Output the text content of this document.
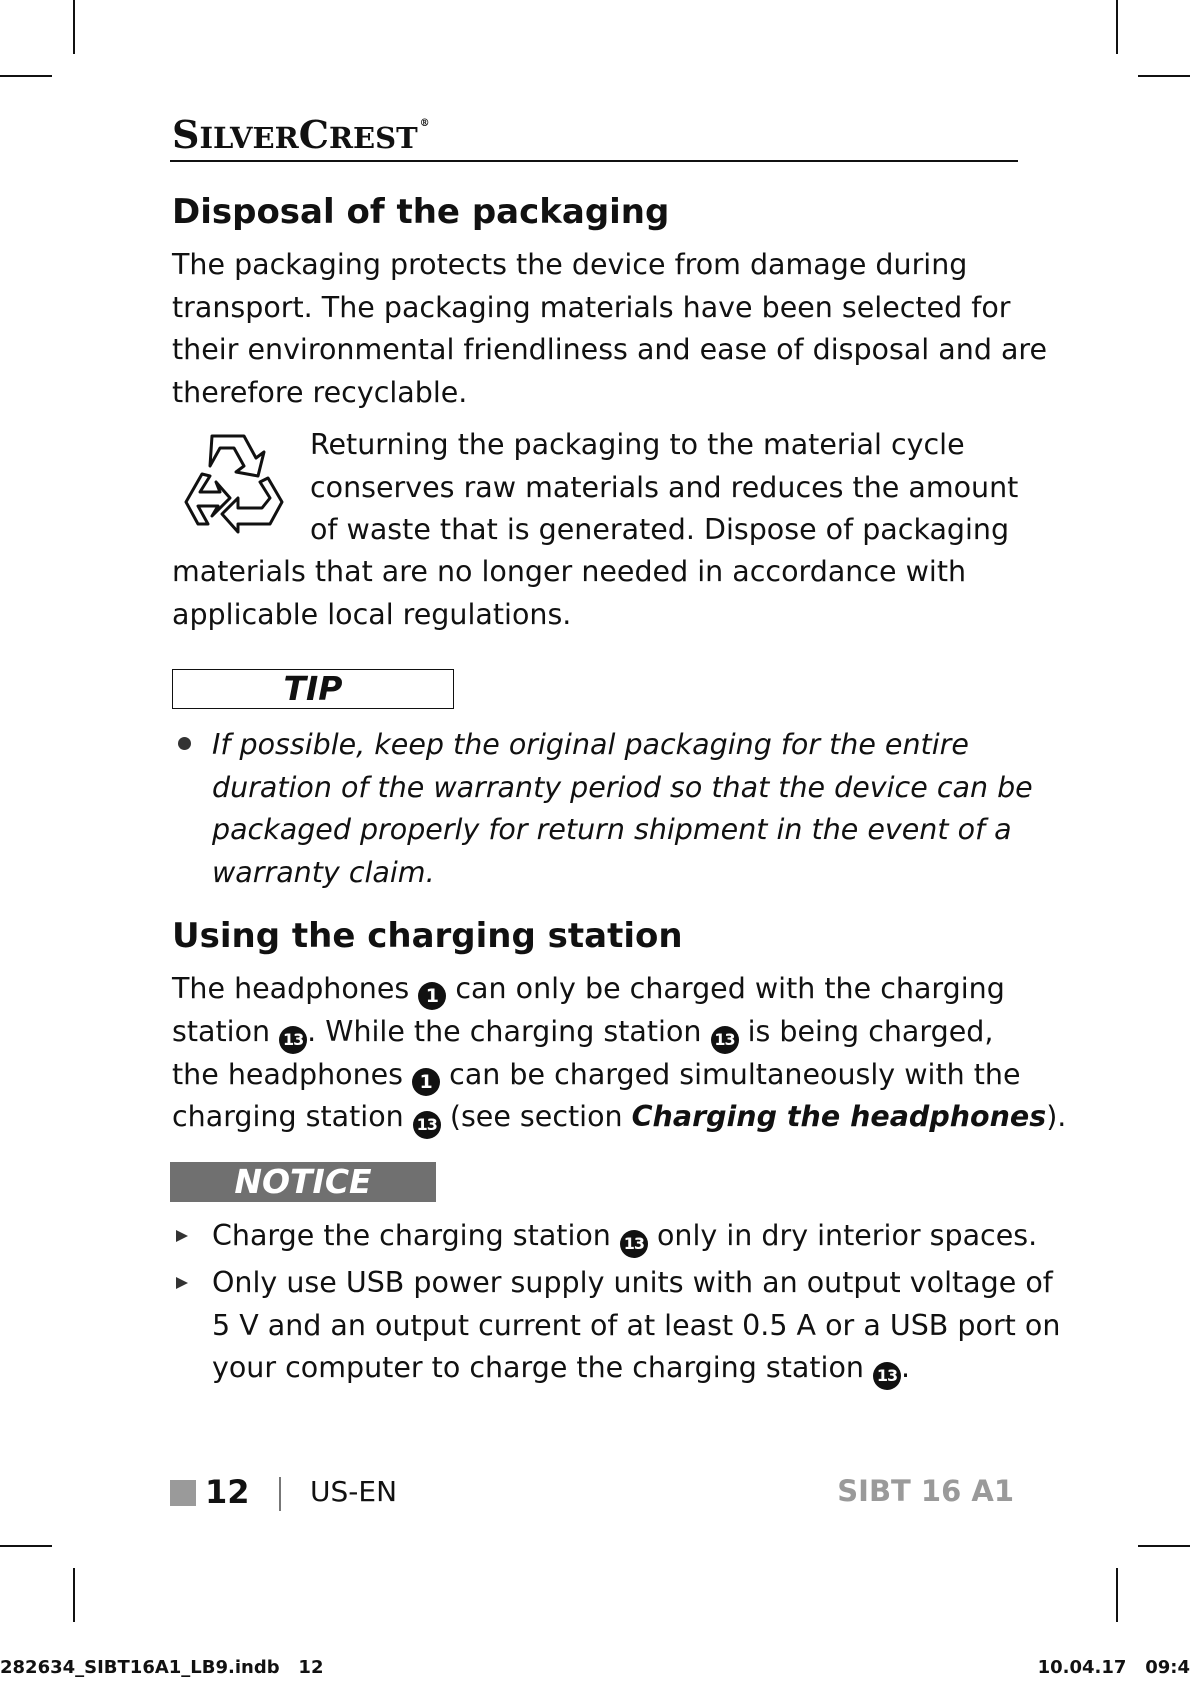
SILVERCREST ®
Disposal of the packaging
The packaging protects the device from damage during
transport. The packaging materials have been selected for
their environmental friendliness and ease of disposal and are
therefore recyclable.
Returning the packaging to the material cycle
conserves raw materials and reduces the amount
of waste that is generated. Dispose of packaging
materials that are no longer needed in accordance with
applicable local regulations.
TIP
If possible, keep the original packaging for the entire
duration of the warranty period so that the device can be
packaged properly for return shipment in the event of a
warranty claim.
Using the charging station
The headphones 1 can only be charged with the charging
station 13 . While the charging station 13 is being charged,
the headphones 1 can be charged simultaneously with the
charging station 13 (see section Charging the headphones).
NOTICE
Charge the charging station 13 only in dry interior spaces.
Only use USB power supply units with an output voltage of
5 V and an output current of at least 0.5 A or a USB port on
your computer to charge the charging station 13 .
12 US-EN	SIBT 16 A1
282634_SIBT16A1_LB9.indb   12	10.04.17   09:4
